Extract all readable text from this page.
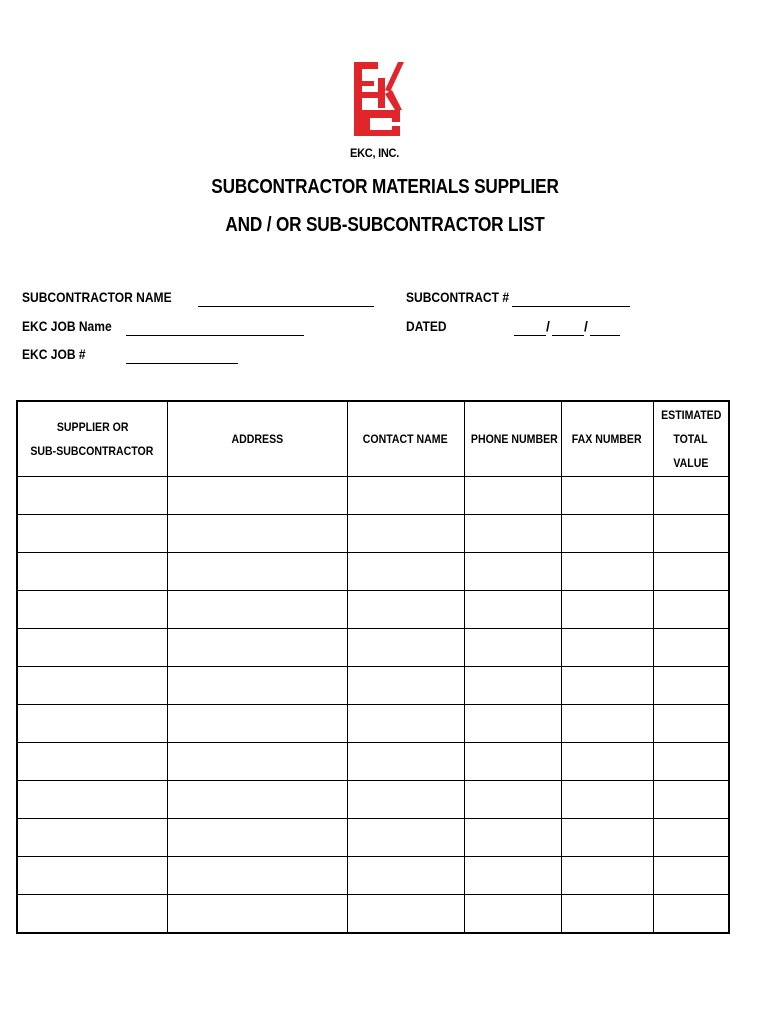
EKC, INC.
SUBCONTRACTOR MATERIALS SUPPLIER
AND / OR SUB-SUBCONTRACTOR LIST
SUBCONTRACTOR NAME
EKC JOB Name
EKC JOB #
SUBCONTRACT #
DATED	/ /
SUPPLIER OR
SUB-SUBCONTRACTOR	ADDRESS	CONTACT NAME	PHONE NUMBER	FAX NUMBER	ESTIMATED
TOTAL
VALUE
